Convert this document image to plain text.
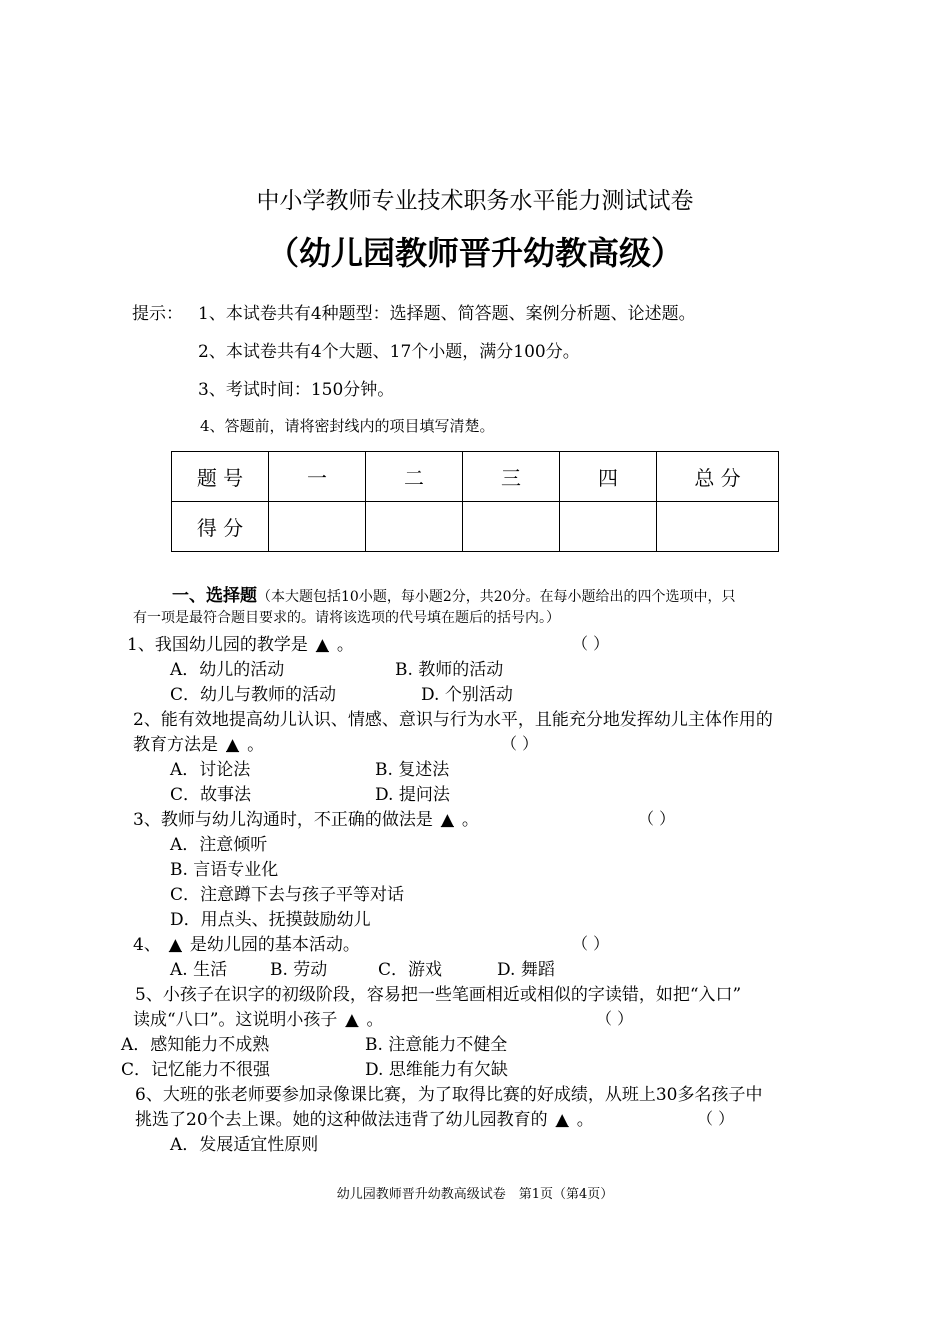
中小学教师专业技术职务水平能力测试试卷
（幼儿园教师晋升幼教高级）
提示： 1、本试卷共有4种题型：选择题、简答题、案例分析题、论述题。
2、本试卷共有4个大题、17个小题，满分100分。
3、考试时间：150分钟。
4、答题前，请将密封线内的项目填写清楚。
题 号	一	二	三	四	总 分
得 分					
一、选择题（本大题包括10小题，每小题2分，共20分。在每小题给出的四个选项中，只
有一项是最符合题目要求的。请将该选项的代号填在题后的括号内。）
1、我国幼儿园的教学是 ▲ 。	（ ）
A．幼儿的活动	B. 教师的活动
C．幼儿与教师的活动	D. 个别活动
2、能有效地提高幼儿认识、情感、意识与行为水平，且能充分地发挥幼儿主体作用的
教育方法是 ▲ 。	（ ）
A．讨论法	B. 复述法
C．故事法	D. 提问法
3、教师与幼儿沟通时，不正确的做法是 ▲ 。	（ ）
A．注意倾听
B. 言语专业化
C．注意蹲下去与孩子平等对话
D．用点头、抚摸鼓励幼儿
4、 ▲ 是幼儿园的基本活动。	（ ）
A. 生活	B. 劳动	C．游戏	D. 舞蹈
5、小孩子在识字的初级阶段，容易把一些笔画相近或相似的字读错，如把“入口”
读成“八口”。这说明小孩子 ▲ 。	（ ）
A．感知能力不成熟	B. 注意能力不健全
C．记忆能力不很强	D. 思维能力有欠缺
6、大班的张老师要参加录像课比赛，为了取得比赛的好成绩，从班上30多名孩子中
挑选了20个去上课。她的这种做法违背了幼儿园教育的 ▲ 。	（ ）
A．发展适宜性原则
幼儿园教师晋升幼教高级试卷　第1页（第4页）
